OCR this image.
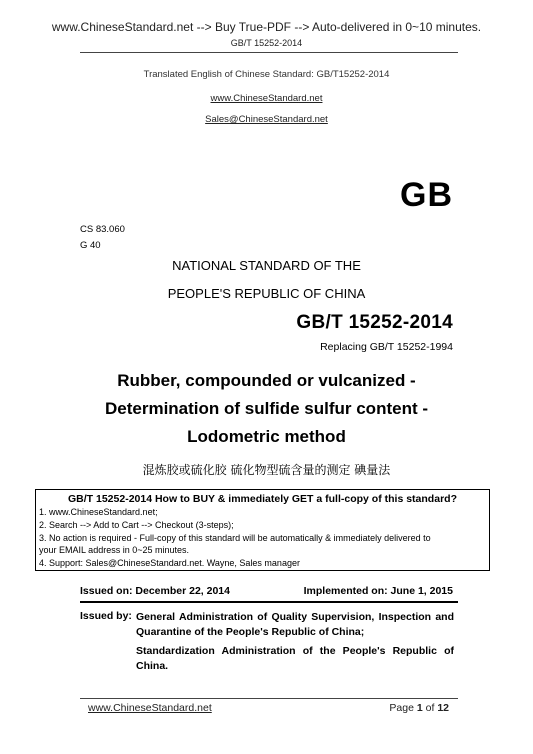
www.ChineseStandard.net --> Buy True-PDF --> Auto-delivered in 0~10 minutes.
GB/T 15252-2014
Translated English of Chinese Standard: GB/T15252-2014
www.ChineseStandard.net
Sales@ChineseStandard.net
GB
CS 83.060
G 40
NATIONAL STANDARD OF THE
PEOPLE'S REPUBLIC OF CHINA
GB/T 15252-2014
Replacing GB/T 15252-1994
Rubber, compounded or vulcanized -
Determination of sulfide sulfur content -
Lodometric method
混炼胶或硫化胶 硫化物型硫含量的测定 碘量法
GB/T 15252-2014 How to BUY & immediately GET a full-copy of this standard?
1. www.ChineseStandard.net;
2. Search --> Add to Cart --> Checkout (3-steps);
3. No action is required - Full-copy of this standard will be automatically & immediately delivered to
your EMAIL address in 0~25 minutes.
4. Support: Sales@ChineseStandard.net. Wayne, Sales manager
Issued on: December 22, 2014	Implemented on: June 1, 2015
Issued by: General Administration of Quality Supervision, Inspection and Quarantine of the People's Republic of China;
Standardization Administration of the People's Republic of China.
www.ChineseStandard.net	Page 1 of 12
